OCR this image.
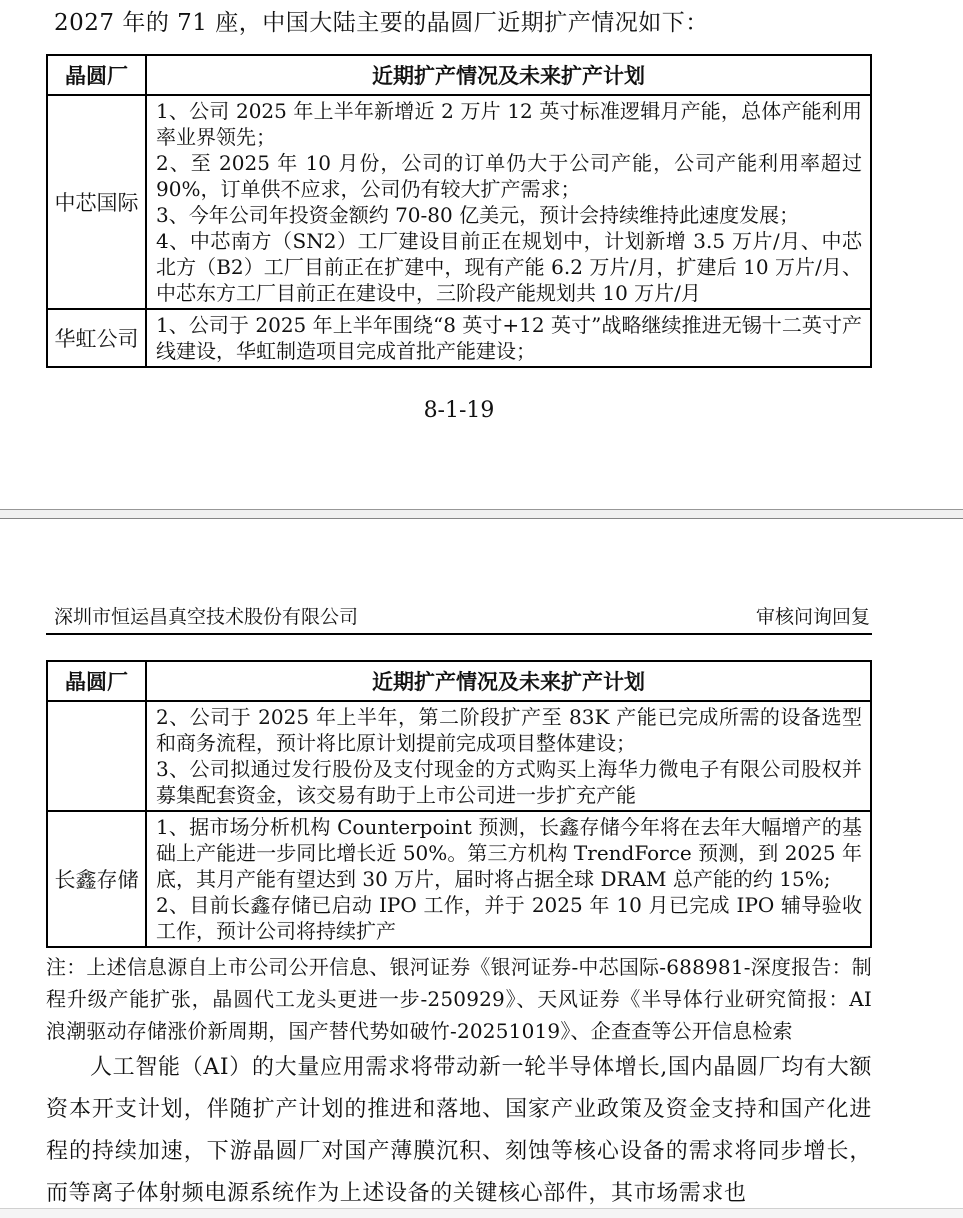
2027 年的 71 座，中国大陆主要的晶圆厂近期扩产情况如下：

晶圆厂	近期扩产情况及未来扩产计划
中芯国际	1、公司 2025 年上半年新增近 2 万片 12 英寸标准逻辑月产能，总体产能利用率业界领先；

2、至 2025 年 10 月份，公司的订单仍大于公司产能，公司产能利用率超过 90%，订单供不应求，公司仍有较大扩产需求；

3、今年公司年投资金额约 70-80 亿美元，预计会持续维持此速度发展；

4、中芯南方（SN2）工厂建设目前正在规划中，计划新增 3.5 万片/月、中芯北方（B2）工厂目前正在扩建中，现有产能 6.2 万片/月，扩建后 10 万片/月、中芯东方工厂目前正在建设中，三阶段产能规划共 10 万片/月

华虹公司	1、公司于 2025 年上半年围绕“8 英寸+12 英寸”战略继续推进无锡十二英寸产线建设，华虹制造项目完成首批产能建设；

8-1-19
深圳市恒运昌真空技术股份有限公司	审核问询回复
晶圆厂	近期扩产情况及未来扩产计划

	2、公司于 2025 年上半年，第二阶段扩产至 83K 产能已完成所需的设备选型和商务流程，预计将比原计划提前完成项目整体建设；

3、公司拟通过发行股份及支付现金的方式购买上海华力微电子有限公司股权并募集配套资金，该交易有助于上市公司进一步扩充产能

长鑫存储	1、据市场分析机构 Counterpoint 预测，长鑫存储今年将在去年大幅增产的基础上产能进一步同比增长近 50%。第三方机构 TrendForce 预测，到 2025 年底，其月产能有望达到 30 万片，届时将占据全球 DRAM 总产能的约 15%;

2、目前长鑫存储已启动 IPO 工作，并于 2025 年 10 月已完成 IPO 辅导验收工作，预计公司将持续扩产

注：上述信息源自上市公司公开信息、银河证券《银河证券-中芯国际-688981-深度报告：制程升级产能扩张，晶圆代工龙头更进一步-250929》、天风证券《半导体行业研究简报：AI 浪潮驱动存储涨价新周期，国产替代势如破竹-20251019》、企查查等公开信息检索

人工智能（AI）的大量应用需求将带动新一轮半导体增长,国内晶圆厂均有大额资本开支计划，伴随扩产计划的推进和落地、国家产业政策及资金支持和国产化进程的持续加速，下游晶圆厂对国产薄膜沉积、刻蚀等核心设备的需求将同步增长，而等离子体射频电源系统作为上述设备的关键核心部件，其市场需求也
